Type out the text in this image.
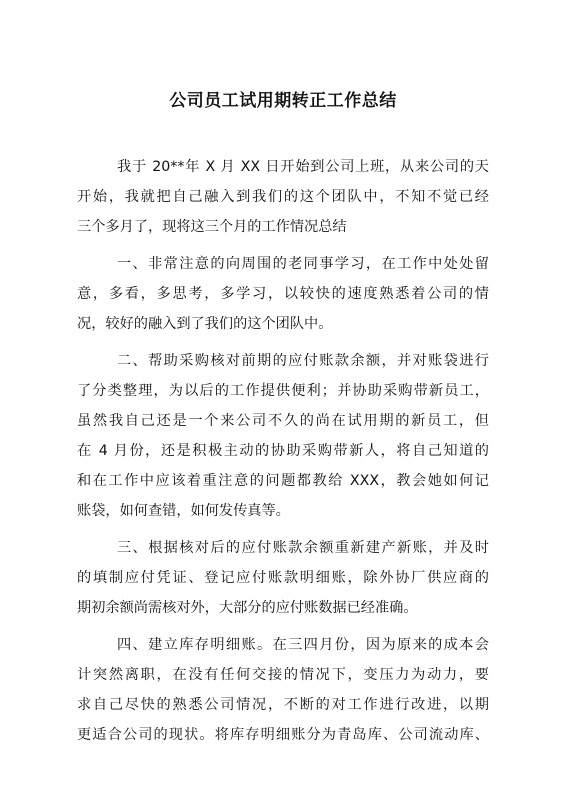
公司员工试用期转正工作总结
我于 20**年 X 月 XX 日开始到公司上班，从来公司的天
开始，我就把自己融入到我们的这个团队中，不知不觉已经
三个多月了，现将这三个月的工作情况总结
一、非常注意的向周围的老同事学习，在工作中处处留
意，多看，多思考，多学习，以较快的速度熟悉着公司的情
况，较好的融入到了我们的这个团队中。
二、帮助采购核对前期的应付账款余额，并对账袋进行
了分类整理，为以后的工作提供便利；并协助采购带新员工，
虽然我自己还是一个来公司不久的尚在试用期的新员工，但
在 4 月份，还是积极主动的协助采购带新人，将自己知道的
和在工作中应该着重注意的问题都教给 XXX，教会她如何记
账袋，如何查错，如何发传真等。
三、根据核对后的应付账款余额重新建产新账，并及时
的填制应付凭证、登记应付账款明细账，除外协厂供应商的
期初余额尚需核对外，大部分的应付账数据已经准确。
四、建立库存明细账。在三四月份，因为原来的成本会
计突然离职，在没有任何交接的情况下，变压力为动力，要
求自己尽快的熟悉公司情况，不断的对工作进行改进，以期
更适合公司的现状。将库存明细账分为青岛库、公司流动库、
